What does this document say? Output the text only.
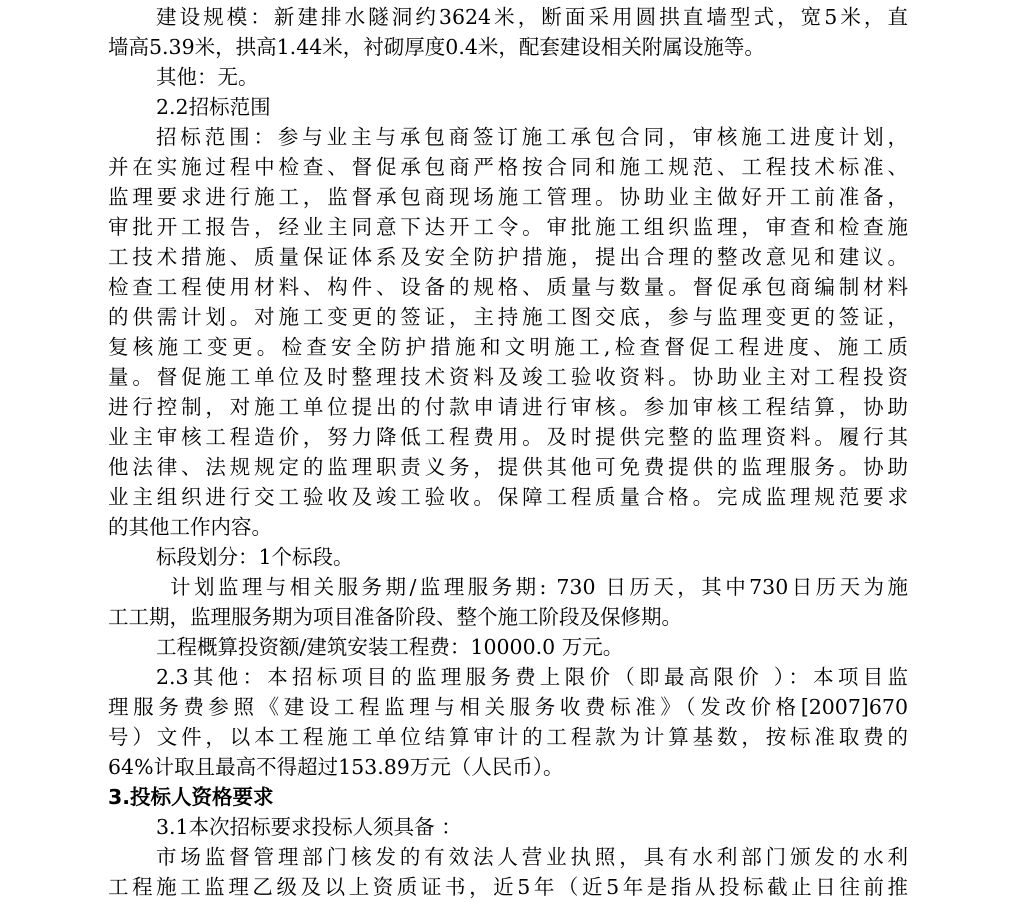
建设规模：新建排水隧洞约3624米，断面采用圆拱直墙型式，宽5米，直
墙高5.39米，拱高1.44米，衬砌厚度0.4米，配套建设相关附属设施等。
其他：无。
2.2招标范围
招标范围：参与业主与承包商签订施工承包合同，审核施工进度计划，
并在实施过程中检查、督促承包商严格按合同和施工规范、工程技术标准、
监理要求进行施工，监督承包商现场施工管理。协助业主做好开工前准备，
审批开工报告，经业主同意下达开工令。审批施工组织监理，审查和检查施
工技术措施、质量保证体系及安全防护措施，提出合理的整改意见和建议。
检查工程使用材料、构件、设备的规格、质量与数量。督促承包商编制材料
的供需计划。对施工变更的签证，主持施工图交底，参与监理变更的签证，
复核施工变更。检查安全防护措施和文明施工,检查督促工程进度、施工质
量。督促施工单位及时整理技术资料及竣工验收资料。协助业主对工程投资
进行控制，对施工单位提出的付款申请进行审核。参加审核工程结算，协助
业主审核工程造价，努力降低工程费用。及时提供完整的监理资料。履行其
他法律、法规规定的监理职责义务，提供其他可免费提供的监理服务。协助
业主组织进行交工验收及竣工验收。保障工程质量合格。完成监理规范要求
的其他工作内容。
标段划分：1个标段。
计划监理与相关服务期/监理服务期: 730 日历天，其中730日历天为施
工工期，监理服务期为项目准备阶段、整个施工阶段及保修期。
工程概算投资额/建筑安装工程费：10000.0 万元。
2.3其他：本招标项目的监理服务费上限价（即最高限价 ）：本项目监
理服务费参照《建设工程监理与相关服务收费标准》（发改价格[2007]670
号）文件，以本工程施工单位结算审计的工程款为计算基数，按标准取费的
64%计取且最高不得超过153.89万元（人民币）。
3.投标人资格要求
3.1本次招标要求投标人须具备 ：
市场监督管理部门核发的有效法人营业执照，具有水利部门颁发的水利
工程施工监理乙级及以上资质证书，近5年（近5年是指从投标截止日往前推
